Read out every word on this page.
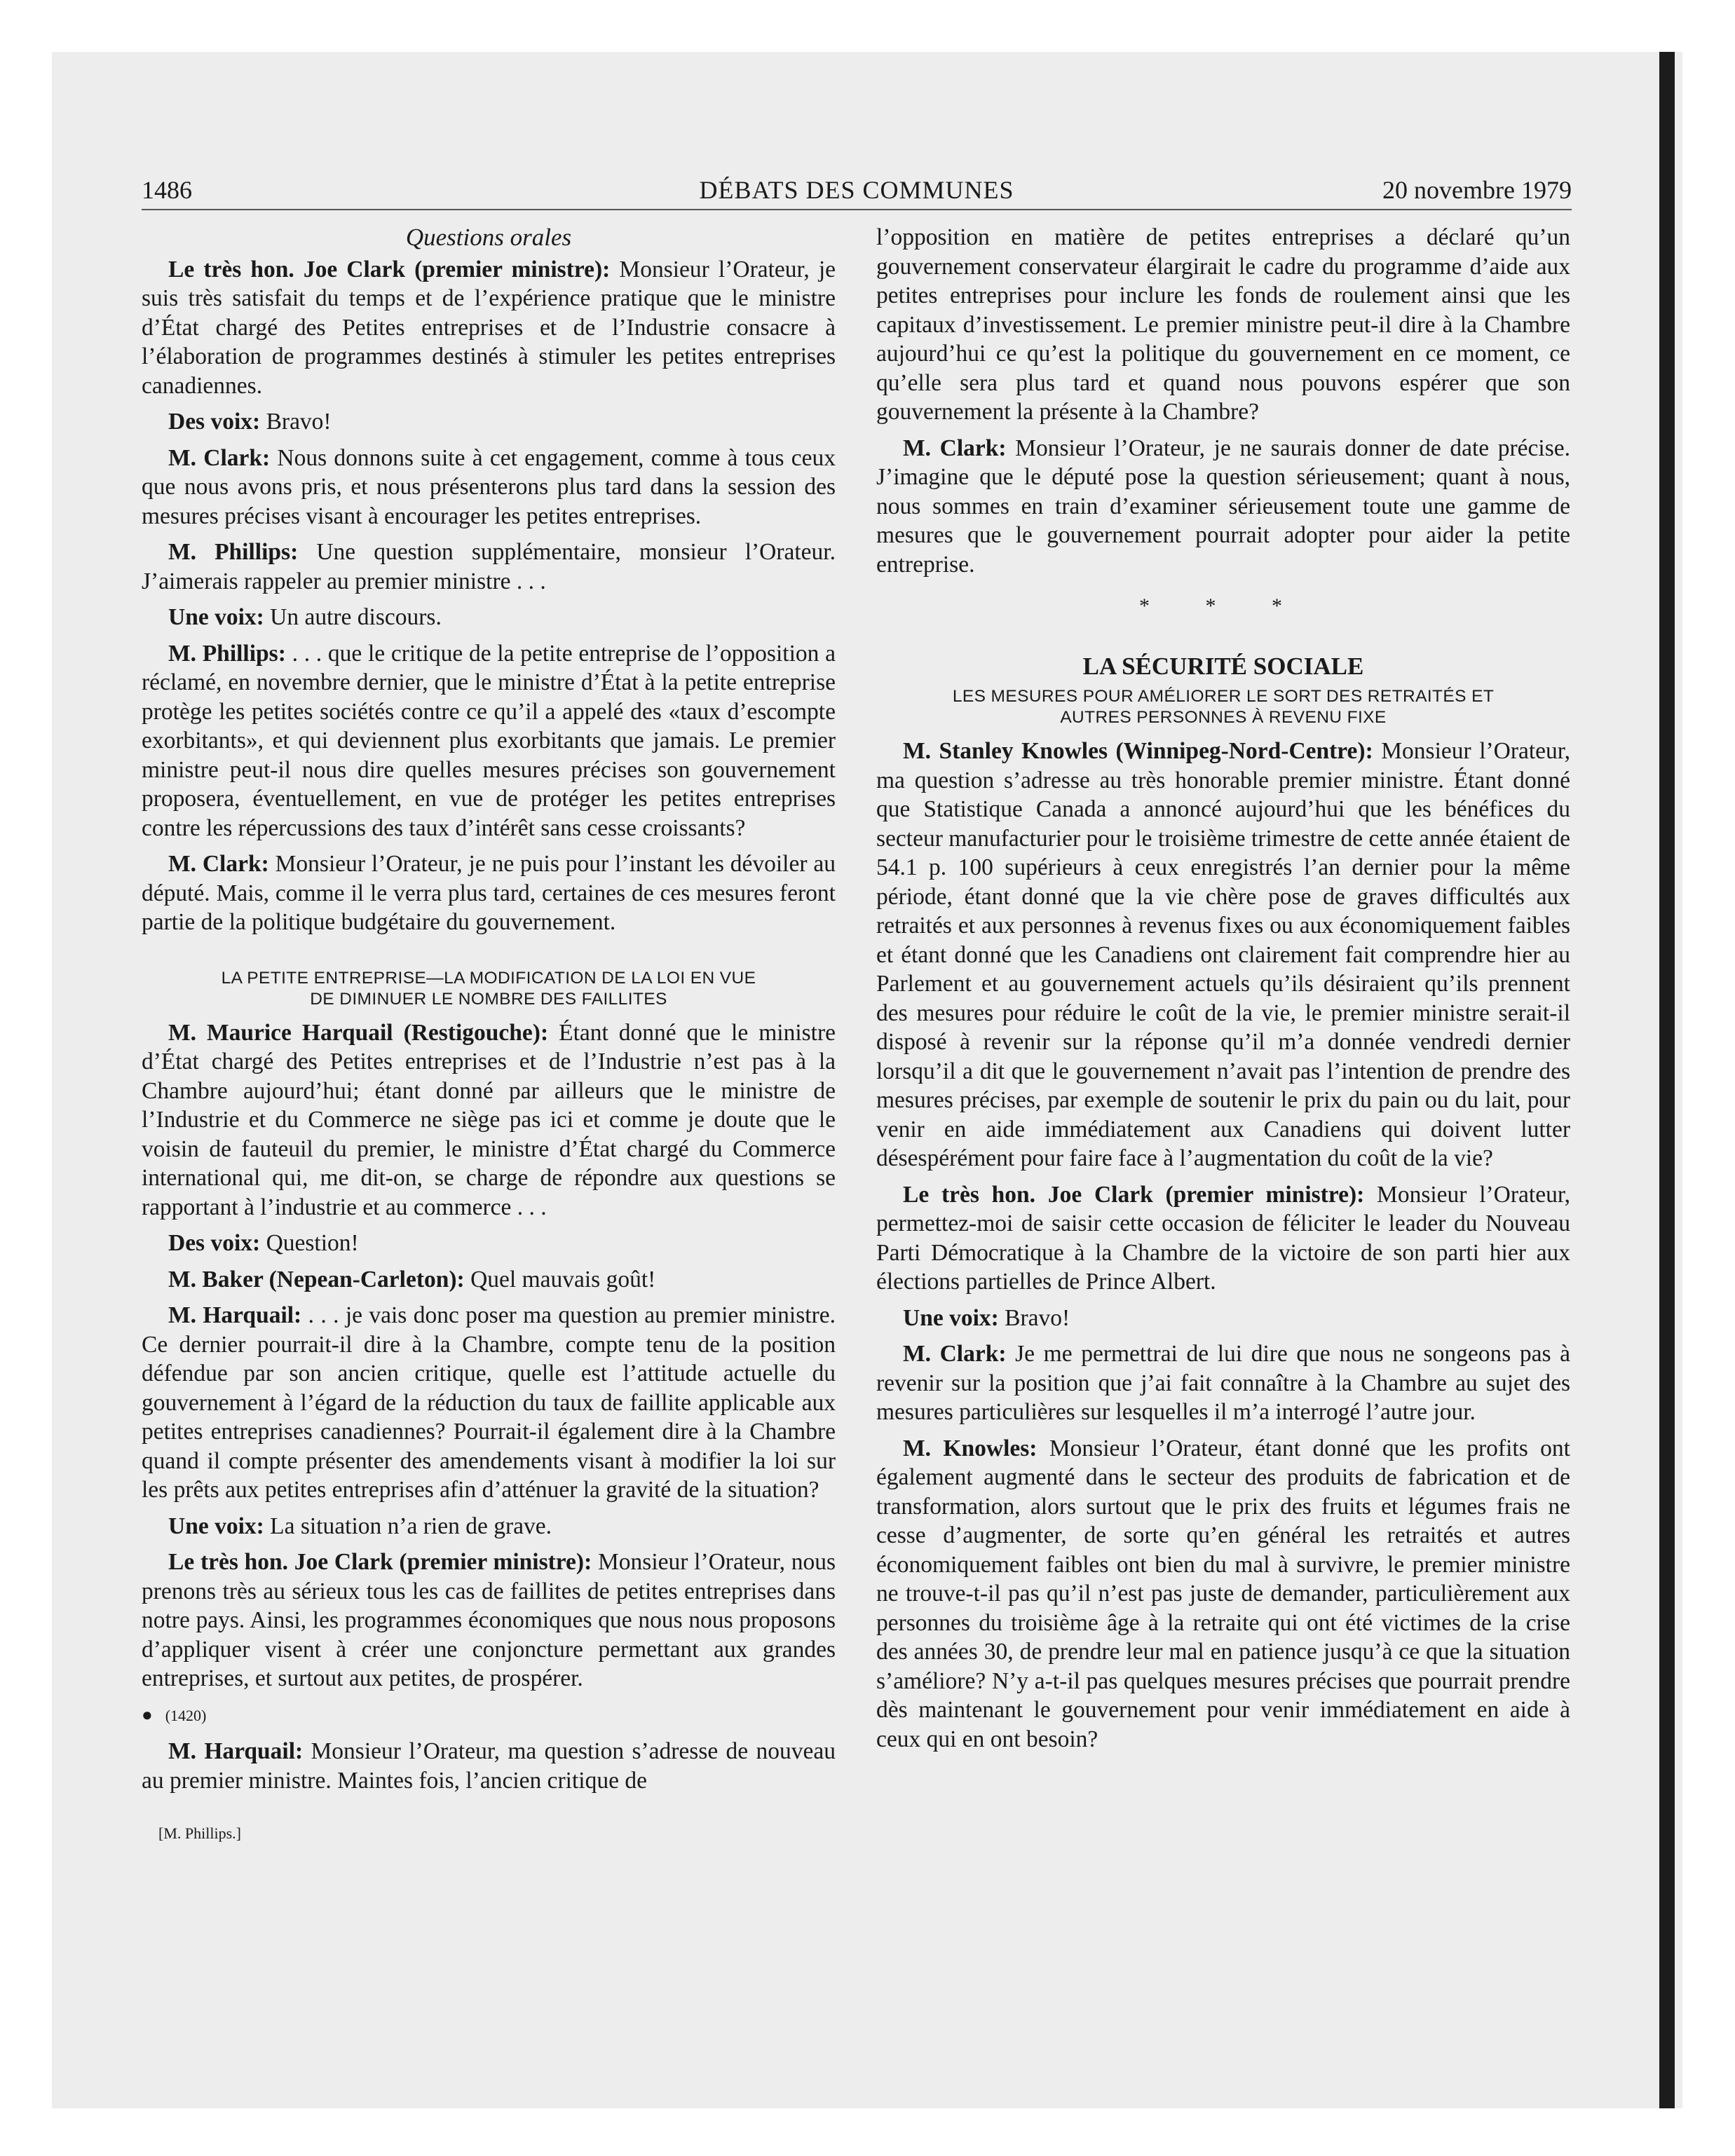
1486	DÉBATS DES COMMUNES	20 novembre 1979
Questions orales

Le très hon. Joe Clark (premier ministre): Monsieur l’Orateur, je suis très satisfait du temps et de l’expérience pratique que le ministre d’État chargé des Petites entreprises et de l’Industrie consacre à l’élaboration de programmes destinés à stimuler les petites entreprises canadiennes.

Des voix: Bravo!

M. Clark: Nous donnons suite à cet engagement, comme à tous ceux que nous avons pris, et nous présenterons plus tard dans la session des mesures précises visant à encourager les petites entreprises.

M. Phillips: Une question supplémentaire, monsieur l’Orateur. J’aimerais rappeler au premier ministre . . .

Une voix: Un autre discours.

M. Phillips: . . . que le critique de la petite entreprise de l’opposition a réclamé, en novembre dernier, que le ministre d’État à la petite entreprise protège les petites sociétés contre ce qu’il a appelé des «taux d’escompte exorbitants», et qui deviennent plus exorbitants que jamais. Le premier ministre peut-il nous dire quelles mesures précises son gouvernement proposera, éventuellement, en vue de protéger les petites entreprises contre les répercussions des taux d’intérêt sans cesse croissants?

M. Clark: Monsieur l’Orateur, je ne puis pour l’instant les dévoiler au député. Mais, comme il le verra plus tard, certaines de ces mesures feront partie de la politique budgétaire du gouvernement.

LA PETITE ENTREPRISE—LA MODIFICATION DE LA LOI EN VUE
DE DIMINUER LE NOMBRE DES FAILLITES

M. Maurice Harquail (Restigouche): Étant donné que le ministre d’État chargé des Petites entreprises et de l’Industrie n’est pas à la Chambre aujourd’hui; étant donné par ailleurs que le ministre de l’Industrie et du Commerce ne siège pas ici et comme je doute que le voisin de fauteuil du premier, le ministre d’État chargé du Commerce international qui, me dit-on, se charge de répondre aux questions se rapportant à l’industrie et au commerce . . .

Des voix: Question!

M. Baker (Nepean-Carleton): Quel mauvais goût!

M. Harquail: . . . je vais donc poser ma question au premier ministre. Ce dernier pourrait-il dire à la Chambre, compte tenu de la position défendue par son ancien critique, quelle est l’attitude actuelle du gouvernement à l’égard de la réduction du taux de faillite applicable aux petites entreprises canadiennes? Pourrait-il également dire à la Chambre quand il compte présenter des amendements visant à modifier la loi sur les prêts aux petites entreprises afin d’atténuer la gravité de la situation?

Une voix: La situation n’a rien de grave.

Le très hon. Joe Clark (premier ministre): Monsieur l’Orateur, nous prenons très au sérieux tous les cas de faillites de petites entreprises dans notre pays. Ainsi, les programmes économiques que nous nous proposons d’appliquer visent à créer une conjoncture permettant aux grandes entreprises, et surtout aux petites, de prospérer.

● (1420)

M. Harquail: Monsieur l’Orateur, ma question s’adresse de nouveau au premier ministre. Maintes fois, l’ancien critique de

[M. Phillips.]

l’opposition en matière de petites entreprises a déclaré qu’un gouvernement conservateur élargirait le cadre du programme d’aide aux petites entreprises pour inclure les fonds de roulement ainsi que les capitaux d’investissement. Le premier ministre peut-il dire à la Chambre aujourd’hui ce qu’est la politique du gouvernement en ce moment, ce qu’elle sera plus tard et quand nous pouvons espérer que son gouvernement la présente à la Chambre?

M. Clark: Monsieur l’Orateur, je ne saurais donner de date précise. J’imagine que le député pose la question sérieusement; quant à nous, nous sommes en train d’examiner sérieusement toute une gamme de mesures que le gouvernement pourrait adopter pour aider la petite entreprise.

* * *
LA SÉCURITÉ SOCIALE
LES MESURES POUR AMÉLIORER LE SORT DES RETRAITÉS ET
AUTRES PERSONNES À REVENU FIXE

M. Stanley Knowles (Winnipeg-Nord-Centre): Monsieur l’Orateur, ma question s’adresse au très honorable premier ministre. Étant donné que Statistique Canada a annoncé aujourd’hui que les bénéfices du secteur manufacturier pour le troisième trimestre de cette année étaient de 54.1 p. 100 supérieurs à ceux enregistrés l’an dernier pour la même période, étant donné que la vie chère pose de graves difficultés aux retraités et aux personnes à revenus fixes ou aux économiquement faibles et étant donné que les Canadiens ont clairement fait comprendre hier au Parlement et au gouvernement actuels qu’ils désiraient qu’ils prennent des mesures pour réduire le coût de la vie, le premier ministre serait-il disposé à revenir sur la réponse qu’il m’a donnée vendredi dernier lorsqu’il a dit que le gouvernement n’avait pas l’intention de prendre des mesures précises, par exemple de soutenir le prix du pain ou du lait, pour venir en aide immédiatement aux Canadiens qui doivent lutter désespérément pour faire face à l’augmentation du coût de la vie?

Le très hon. Joe Clark (premier ministre): Monsieur l’Orateur, permettez-moi de saisir cette occasion de féliciter le leader du Nouveau Parti Démocratique à la Chambre de la victoire de son parti hier aux élections partielles de Prince Albert.

Une voix: Bravo!

M. Clark: Je me permettrai de lui dire que nous ne songeons pas à revenir sur la position que j’ai fait connaître à la Chambre au sujet des mesures particulières sur lesquelles il m’a interrogé l’autre jour.

M. Knowles: Monsieur l’Orateur, étant donné que les profits ont également augmenté dans le secteur des produits de fabrication et de transformation, alors surtout que le prix des fruits et légumes frais ne cesse d’augmenter, de sorte qu’en général les retraités et autres économiquement faibles ont bien du mal à survivre, le premier ministre ne trouve-t-il pas qu’il n’est pas juste de demander, particulièrement aux personnes du troisième âge à la retraite qui ont été victimes de la crise des années 30, de prendre leur mal en patience jusqu’à ce que la situation s’améliore? N’y a-t-il pas quelques mesures précises que pourrait prendre dès maintenant le gouvernement pour venir immédiatement en aide à ceux qui en ont besoin?
